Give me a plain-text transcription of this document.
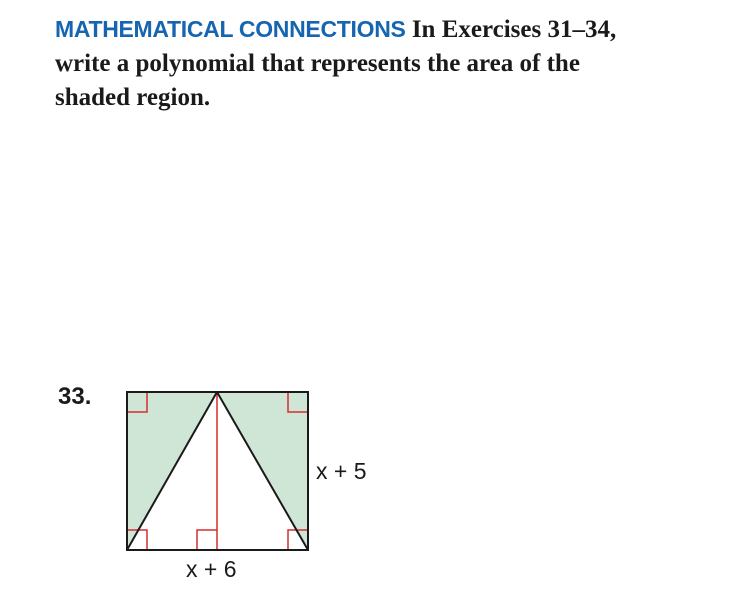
MATHEMATICAL CONNECTIONS In Exercises 31–34,
write a polynomial that represents the area of the
shaded region.

33.
x + 5
x + 6
